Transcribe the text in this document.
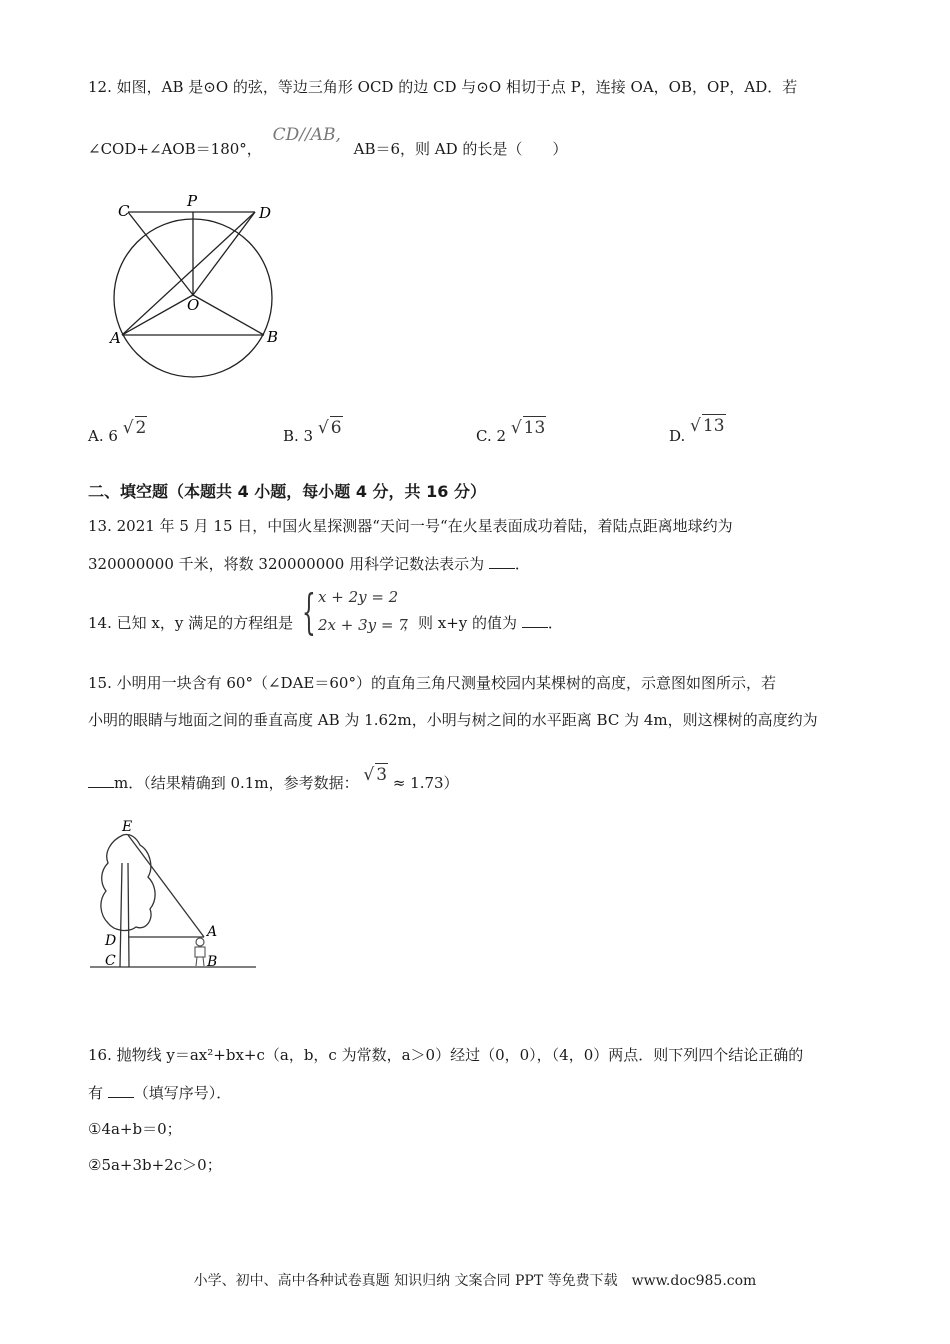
12. 如图，AB 是⊙O 的弦，等边三角形 OCD 的边 CD 与⊙O 相切于点 P，连接 OA，OB，OP，AD．若
∠COD+∠AOB＝180°， CD//AB, AB＝6，则 AD 的长是（　　）
C
P
D
O
A	B
A. 6 √ 2	B. 3 √ 6	C. 2 √ 13	D. √ 13
二、填空题（本题共 4 小题，每小题 4 分，共 16 分）
13. 2021 年 5 月 15 日，中国火星探测器“天问一号“在火星表面成功着陆，着陆点距离地球约为
320000000 千米，将数 320000000 用科学记数法表示为 ．
14. 已知 x，y 满足的方程组是 { x + 2y = 2
2x + 3y = 7
，则 x+y 的值为 ．
15. 小明用一块含有 60°（∠DAE＝60°）的直角三角尺测量校园内某棵树的高度，示意图如图所示，若
小明的眼睛与地面之间的垂直高度 AB 为 1.62m，小明与树之间的水平距离 BC 为 4m，则这棵树的高度约为
m．（结果精确到 0.1m，参考数据： √ 3 ≈ 1.73）
E
A
D
C	B
16. 抛物线 y＝ax²+bx+c（a，b，c 为常数，a＞0）经过（0，0），（4，0）两点．则下列四个结论正确的
有 （填写序号）．
①4a+b＝0；
②5a+3b+2c＞0；
小学、初中、高中各种试卷真题 知识归纳 文案合同 PPT 等免费下载　www.doc985.com
